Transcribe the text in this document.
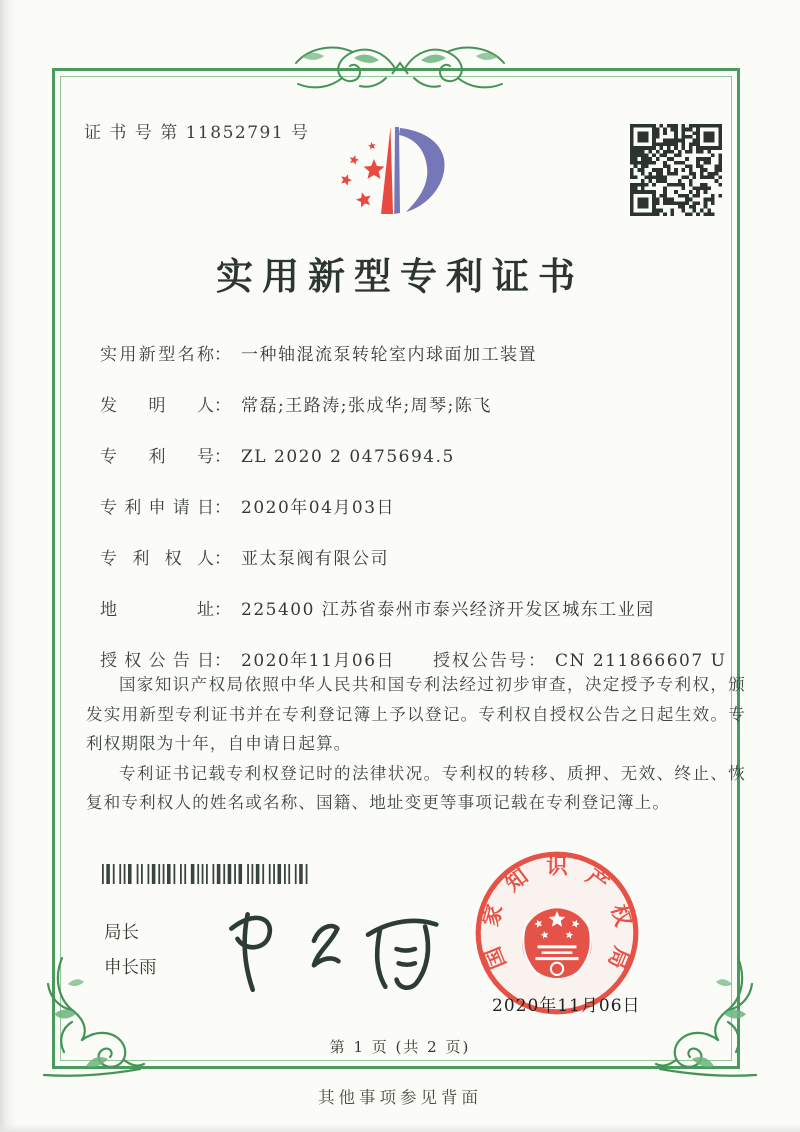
证 书 号 第 11852791 号
实用新型专利证书
实用新型名称： 一种轴混流泵转轮室内球面加工装置
发明人： 常磊;王路涛;张成华;周琴;陈飞
专利号： ZL 2020 2 0475694.5
专利申请日： 2020年04月03日
专利权人： 亚太泵阀有限公司
地址： 225400 江苏省泰州市泰兴经济开发区城东工业园
授权公告日： 2020年11月06日 授权公告号： CN 211866607 U

国家知识产权局依照中华人民共和国专利法经过初步审查，决定授予专利权，颁发实用新型专利证书并在专利登记簿上予以登记。专利权自授权公告之日起生效。专利权期限为十年，自申请日起算。

专利证书记载专利权登记时的法律状况。专利权的转移、质押、无效、终止、恢复和专利权人的姓名或名称、国籍、地址变更等事项记载在专利登记簿上。

局长
申长雨	国
家
知 识 产
权
局
2020年11月06日
第 1 页 (共 2 页)
其他事项参见背面
